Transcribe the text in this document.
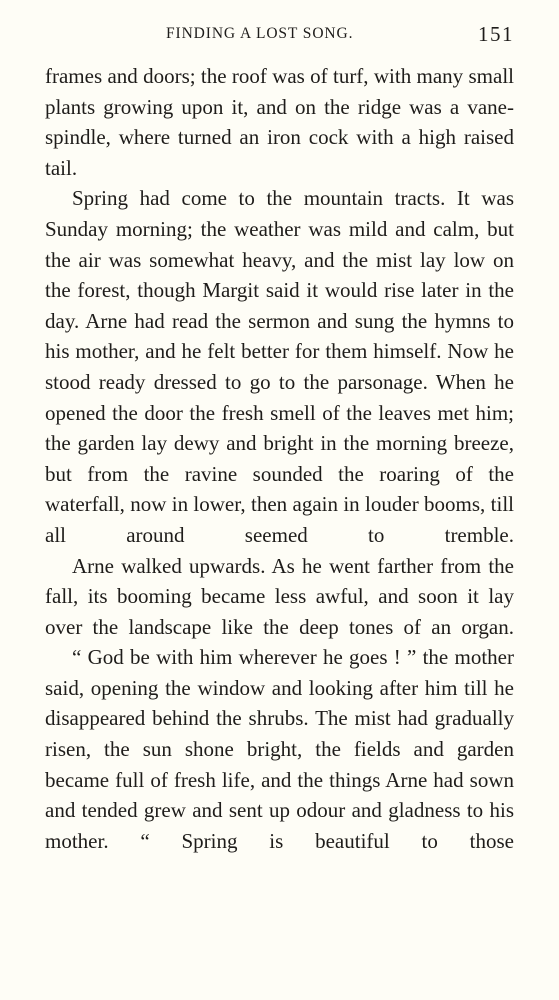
FINDING A LOST SONG.	151

frames and doors; the roof was of turf, with many small plants growing upon it, and on the ridge was a vane-spindle, where turned an iron cock with a high raised tail.

Spring had come to the mountain tracts. It was Sunday morning; the weather was mild and calm, but the air was somewhat heavy, and the mist lay low on the forest, though Margit said it would rise later in the day. Arne had read the sermon and sung the hymns to his mother, and he felt better for them himself. Now he stood ready dressed to go to the parsonage. When he opened the door the fresh smell of the leaves met him; the garden lay dewy and bright in the morning breeze, but from the ravine sounded the roaring of the waterfall, now in lower, then again in louder booms, till all around seemed to tremble.

Arne walked upwards. As he went farther from the fall, its booming became less awful, and soon it lay over the landscape like the deep tones of an organ.

“ God be with him wherever he goes ! ” the mother said, opening the window and looking after him till he disappeared behind the shrubs. The mist had gradually risen, the sun shone bright, the fields and garden became full of fresh life, and the things Arne had sown and tended grew and sent up odour and gladness to his mother. “ Spring is beautiful to those
